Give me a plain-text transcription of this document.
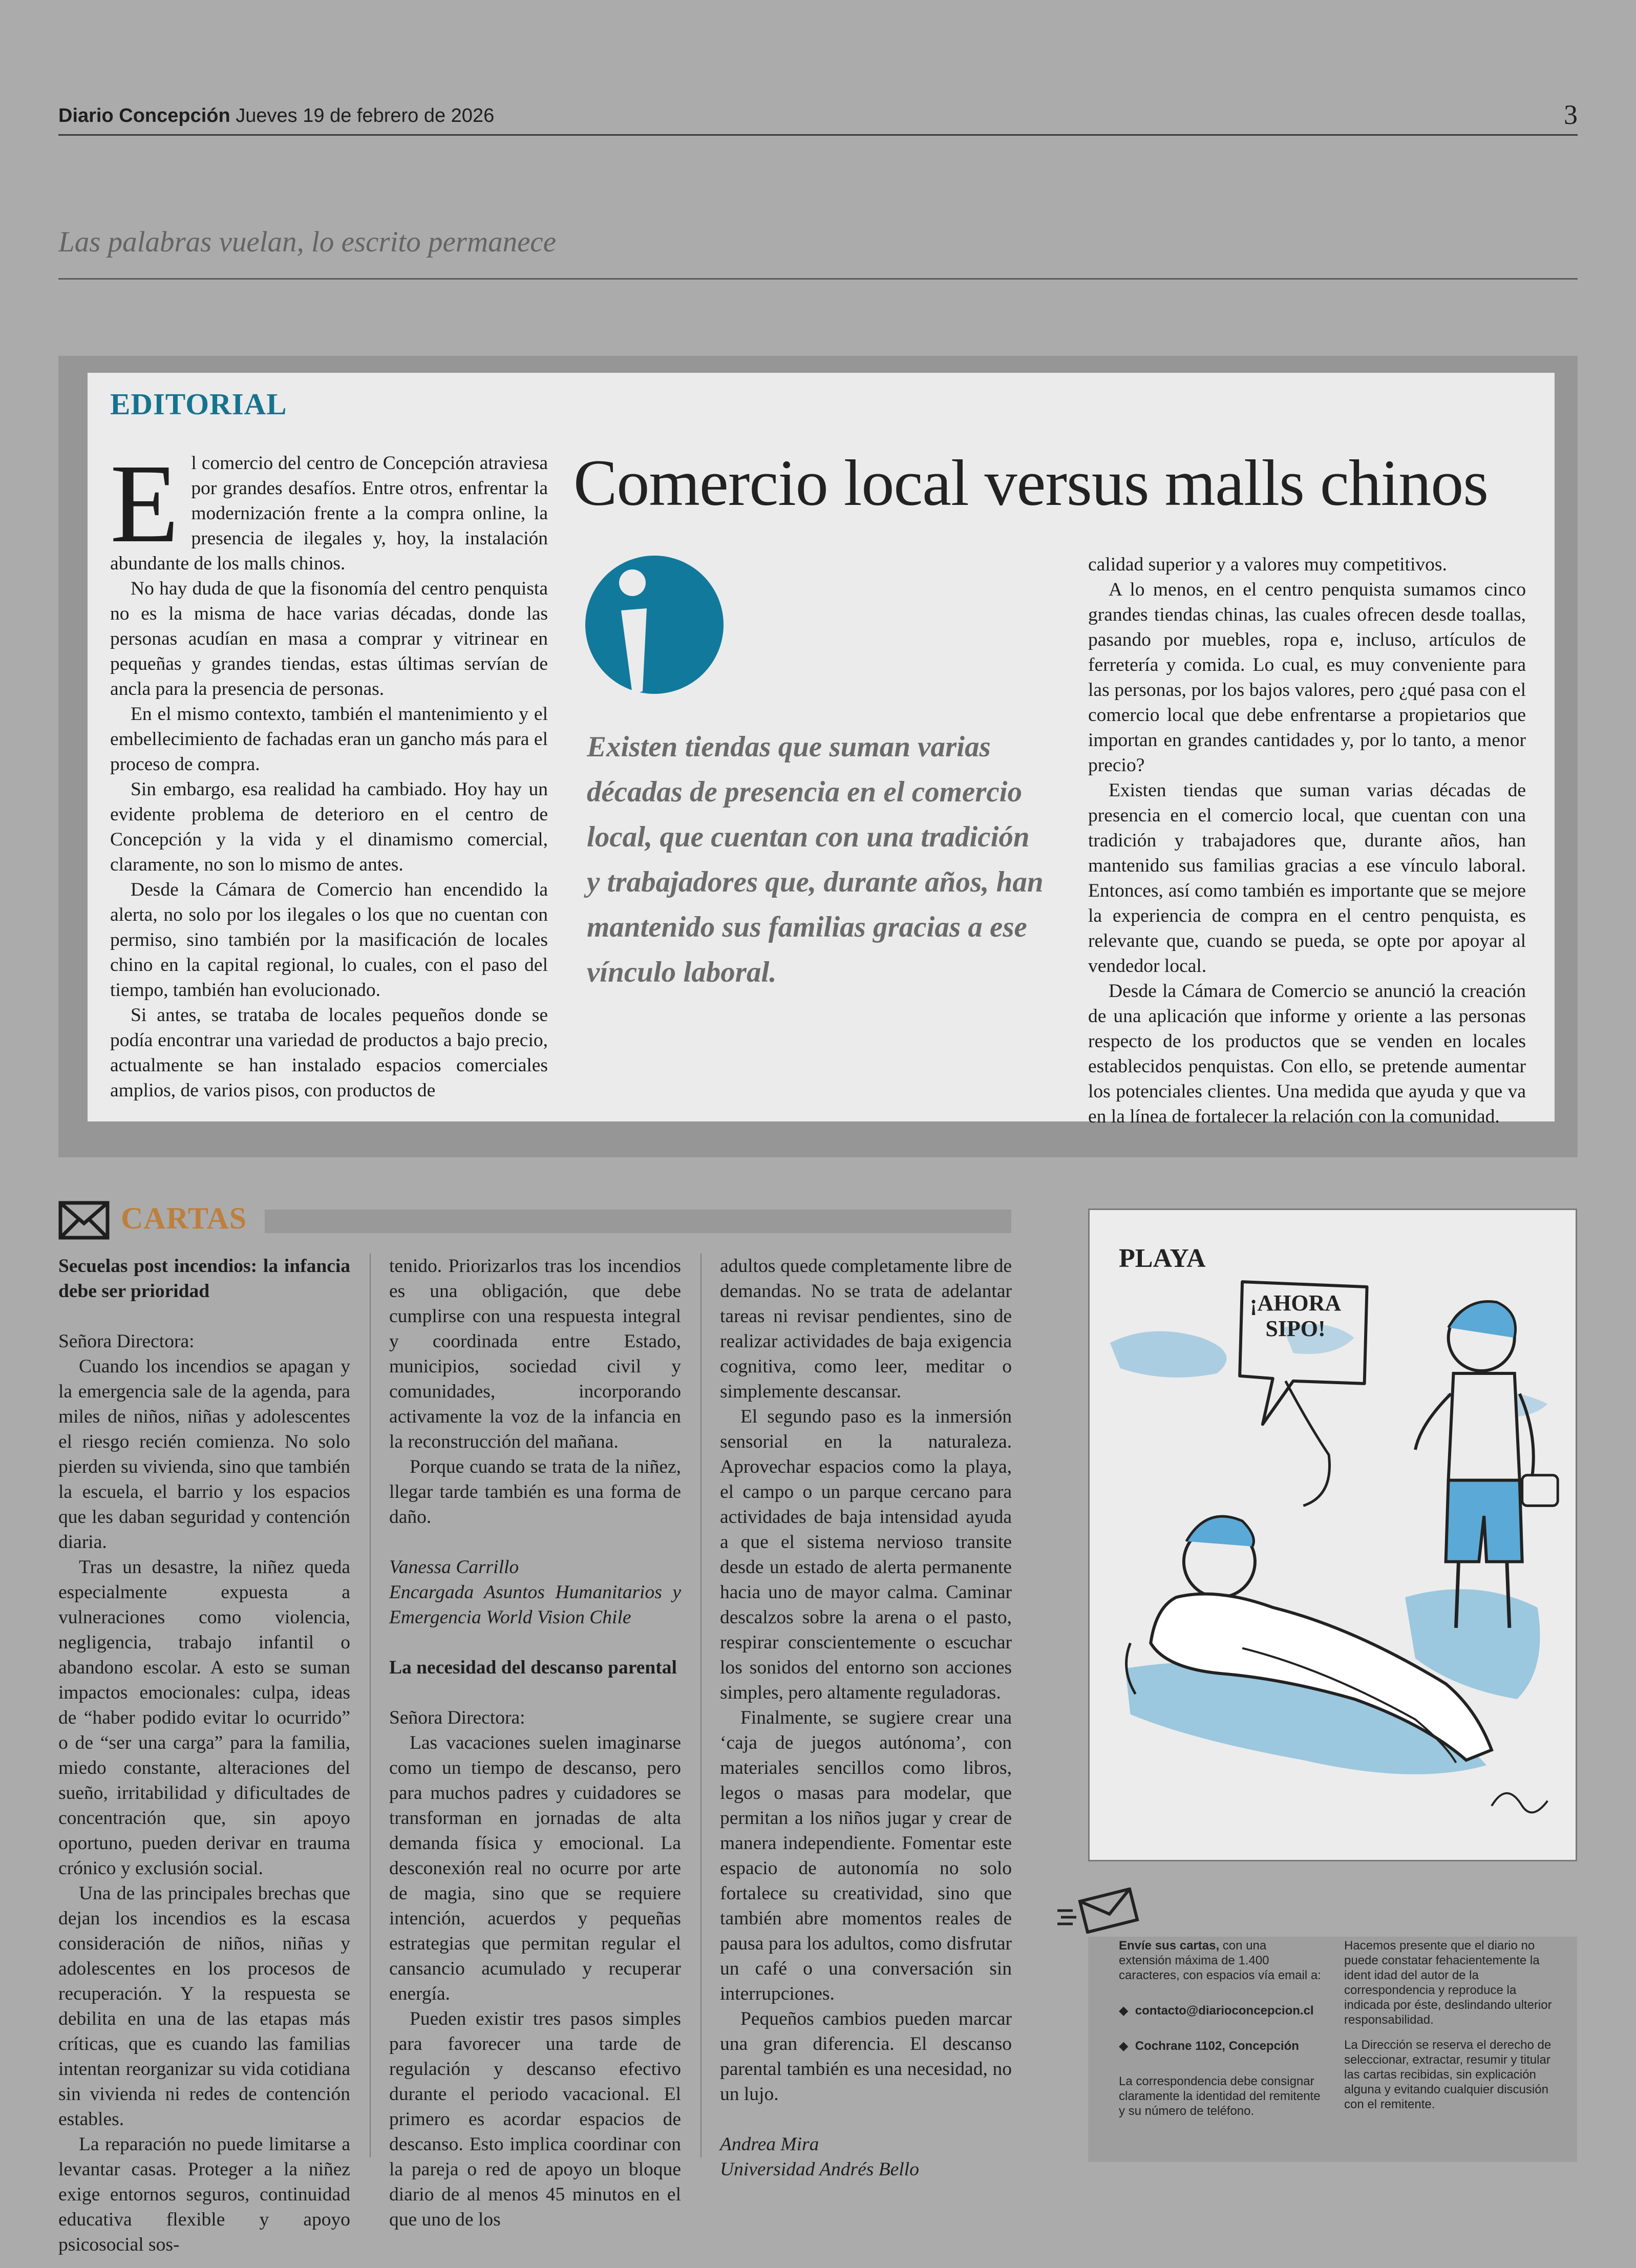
Diario Concepción Jueves 19 de febrero de 2026	3
Las palabras vuelan, lo escrito permanece
EDITORIAL
Comercio local versus malls chinos

El comercio del centro de Concepción atraviesa por grandes desafíos. Entre otros, enfrentar la modernización frente a la compra online, la presencia de ilegales y, hoy, la instalación abundante de los malls chinos.

No hay duda de que la fisonomía del centro penquista no es la misma de hace varias décadas, donde las personas acudían en masa a comprar y vitrinear en pequeñas y grandes tiendas, estas últimas servían de ancla para la presencia de personas.

En el mismo contexto, también el mantenimiento y el embellecimiento de fachadas eran un gancho más para el proceso de compra.

Sin embargo, esa realidad ha cambiado. Hoy hay un evidente problema de deterioro en el centro de Concepción y la vida y el dinamismo comercial, claramente, no son lo mismo de antes.

Desde la Cámara de Comercio han encendido la alerta, no solo por los ilegales o los que no cuentan con permiso, sino también por la masificación de locales chino en la capital regional, lo cuales, con el paso del tiempo, también han evolucionado.

Si antes, se trataba de locales pequeños donde se podía encontrar una variedad de productos a bajo precio, actualmente se han instalado espacios comerciales amplios, de varios pisos, con productos de

Existen tiendas que suman varias décadas de presencia en el comercio local, que cuentan con una tradición y trabajadores que, durante años, han mantenido sus familias gracias a ese vínculo laboral.

calidad superior y a valores muy competitivos.

A lo menos, en el centro penquista sumamos cinco grandes tiendas chinas, las cuales ofrecen desde toallas, pasando por muebles, ropa e, incluso, artículos de ferretería y comida. Lo cual, es muy conveniente para las personas, por los bajos valores, pero ¿qué pasa con el comercio local que debe enfrentarse a propietarios que importan en grandes cantidades y, por lo tanto, a menor precio?

Existen tiendas que suman varias décadas de presencia en el comercio local, que cuentan con una tradición y trabajadores que, durante años, han mantenido sus familias gracias a ese vínculo laboral. Entonces, así como también es importante que se mejore la experiencia de compra en el centro penquista, es relevante que, cuando se pueda, se opte por apoyar al vendedor local.

Desde la Cámara de Comercio se anunció la creación de una aplicación que informe y oriente a las personas respecto de los productos que se venden en locales establecidos penquistas. Con ello, se pretende aumentar los potenciales clientes. Una medida que ayuda y que va en la línea de fortalecer la relación con la comunidad.

CARTAS

Secuelas post incendios: la infancia debe ser prioridad

Señora Directora:

Cuando los incendios se apagan y la emergencia sale de la agenda, para miles de niños, niñas y adolescentes el riesgo recién comienza. No solo pierden su vivienda, sino que también la escuela, el barrio y los espacios que les daban seguridad y contención diaria.

Tras un desastre, la niñez queda especialmente expuesta a vulneraciones como violencia, negligencia, trabajo infantil o abandono escolar. A esto se suman impactos emocionales: culpa, ideas de “haber podido evitar lo ocurrido” o de “ser una carga” para la familia, miedo constante, alteraciones del sueño, irritabilidad y dificultades de concentración que, sin apoyo oportuno, pueden derivar en trauma crónico y exclusión social.

Una de las principales brechas que dejan los incendios es la escasa consideración de niños, niñas y adolescentes en los procesos de recuperación. Y la respuesta se debilita en una de las etapas más críticas, que es cuando las familias intentan reorganizar su vida cotidiana sin vivienda ni redes de contención estables.

La reparación no puede limitarse a levantar casas. Proteger a la niñez exige entornos seguros, continuidad educativa flexible y apoyo psicosocial sos-

tenido. Priorizarlos tras los incendios es una obligación, que debe cumplirse con una respuesta integral y coordinada entre Estado, municipios, sociedad civil y comunidades, incorporando activamente la voz de la infancia en la reconstrucción del mañana.

Porque cuando se trata de la niñez, llegar tarde también es una forma de daño.

Vanessa Carrillo

Encargada Asuntos Humanitarios y Emergencia World Vision Chile

La necesidad del descanso parental

Señora Directora:

Las vacaciones suelen imaginarse como un tiempo de descanso, pero para muchos padres y cuidadores se transforman en jornadas de alta demanda física y emocional. La desconexión real no ocurre por arte de magia, sino que se requiere intención, acuerdos y pequeñas estrategias que permitan regular el cansancio acumulado y recuperar energía.

Pueden existir tres pasos simples para favorecer una tarde de regulación y descanso efectivo durante el periodo vacacional. El primero es acordar espacios de descanso. Esto implica coordinar con la pareja o red de apoyo un bloque diario de al menos 45 minutos en el que uno de los

adultos quede completamente libre de demandas. No se trata de adelantar tareas ni revisar pendientes, sino de realizar actividades de baja exigencia cognitiva, como leer, meditar o simplemente descansar.

El segundo paso es la inmersión sensorial en la naturaleza. Aprovechar espacios como la playa, el campo o un parque cercano para actividades de baja intensidad ayuda a que el sistema nervioso transite desde un estado de alerta permanente hacia uno de mayor calma. Caminar descalzos sobre la arena o el pasto, respirar conscientemente o escuchar los sonidos del entorno son acciones simples, pero altamente reguladoras.

Finalmente, se sugiere crear una ‘caja de juegos autónoma’, con materiales sencillos como libros, legos o masas para modelar, que permitan a los niños jugar y crear de manera independiente. Fomentar este espacio de autonomía no solo fortalece su creatividad, sino que también abre momentos reales de pausa para los adultos, como disfrutar un café o una conversación sin interrupciones.

Pequeños cambios pueden marcar una gran diferencia. El descanso parental también es una necesidad, no un lujo.

Andrea Mira

Universidad Andrés Bello

PLAYA
¡AHORA SIPO!

Envíe sus cartas, con una extensión máxima de 1.400 caracteres, con espacios vía email a:

◆  contacto@diarioconcepcion.cl

◆  Cochrane 1102, Concepción

La correspondencia debe consignar claramente la identidad del remitente y su número de teléfono.

Hacemos presente que el diario no puede constatar fehacientemente la ident idad del autor de la correspondencia y reproduce la indicada por éste, deslindando ulterior responsabilidad.

La Dirección se reserva el derecho de seleccionar, extractar, resumir y titular las cartas recibidas, sin explicación alguna y evitando cualquier discusión con el remitente.
